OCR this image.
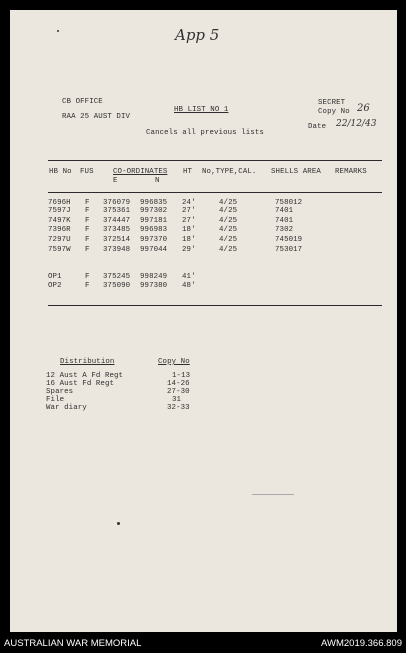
App 5
CB OFFICE
RAA 25 AUST DIV
HB LIST NO 1
Cancels all previous lists
SECRET
Copy No 26
Date 22/12/43
HB No FUS	CO-ORDINATES
E	N
HT No,TYPE,CAL. SHELLS AREA REMARKS
7696H F 376079 996835 24'	4/25	758012
7597J F 375361 997302 27'	4/25	7401
7497K F 374447 997181 27'	4/25	7401
7396R F 373485 996983 18'	4/25	7302
7297U F 372514 997370 18'	4/25	745019
7597W F 373948 997044 29'	4/25	753017
OP1	F 375245 998249 41'
OP2	F 375090 997380 48'
Distribution	Copy No
12 Aust A Fd Regt	1-13
16 Aust Fd Regt	14-26
Spares	27-30
File	31
War diary	32-33
AUSTRALIAN WAR MEMORIAL	AWM2019.366.809
